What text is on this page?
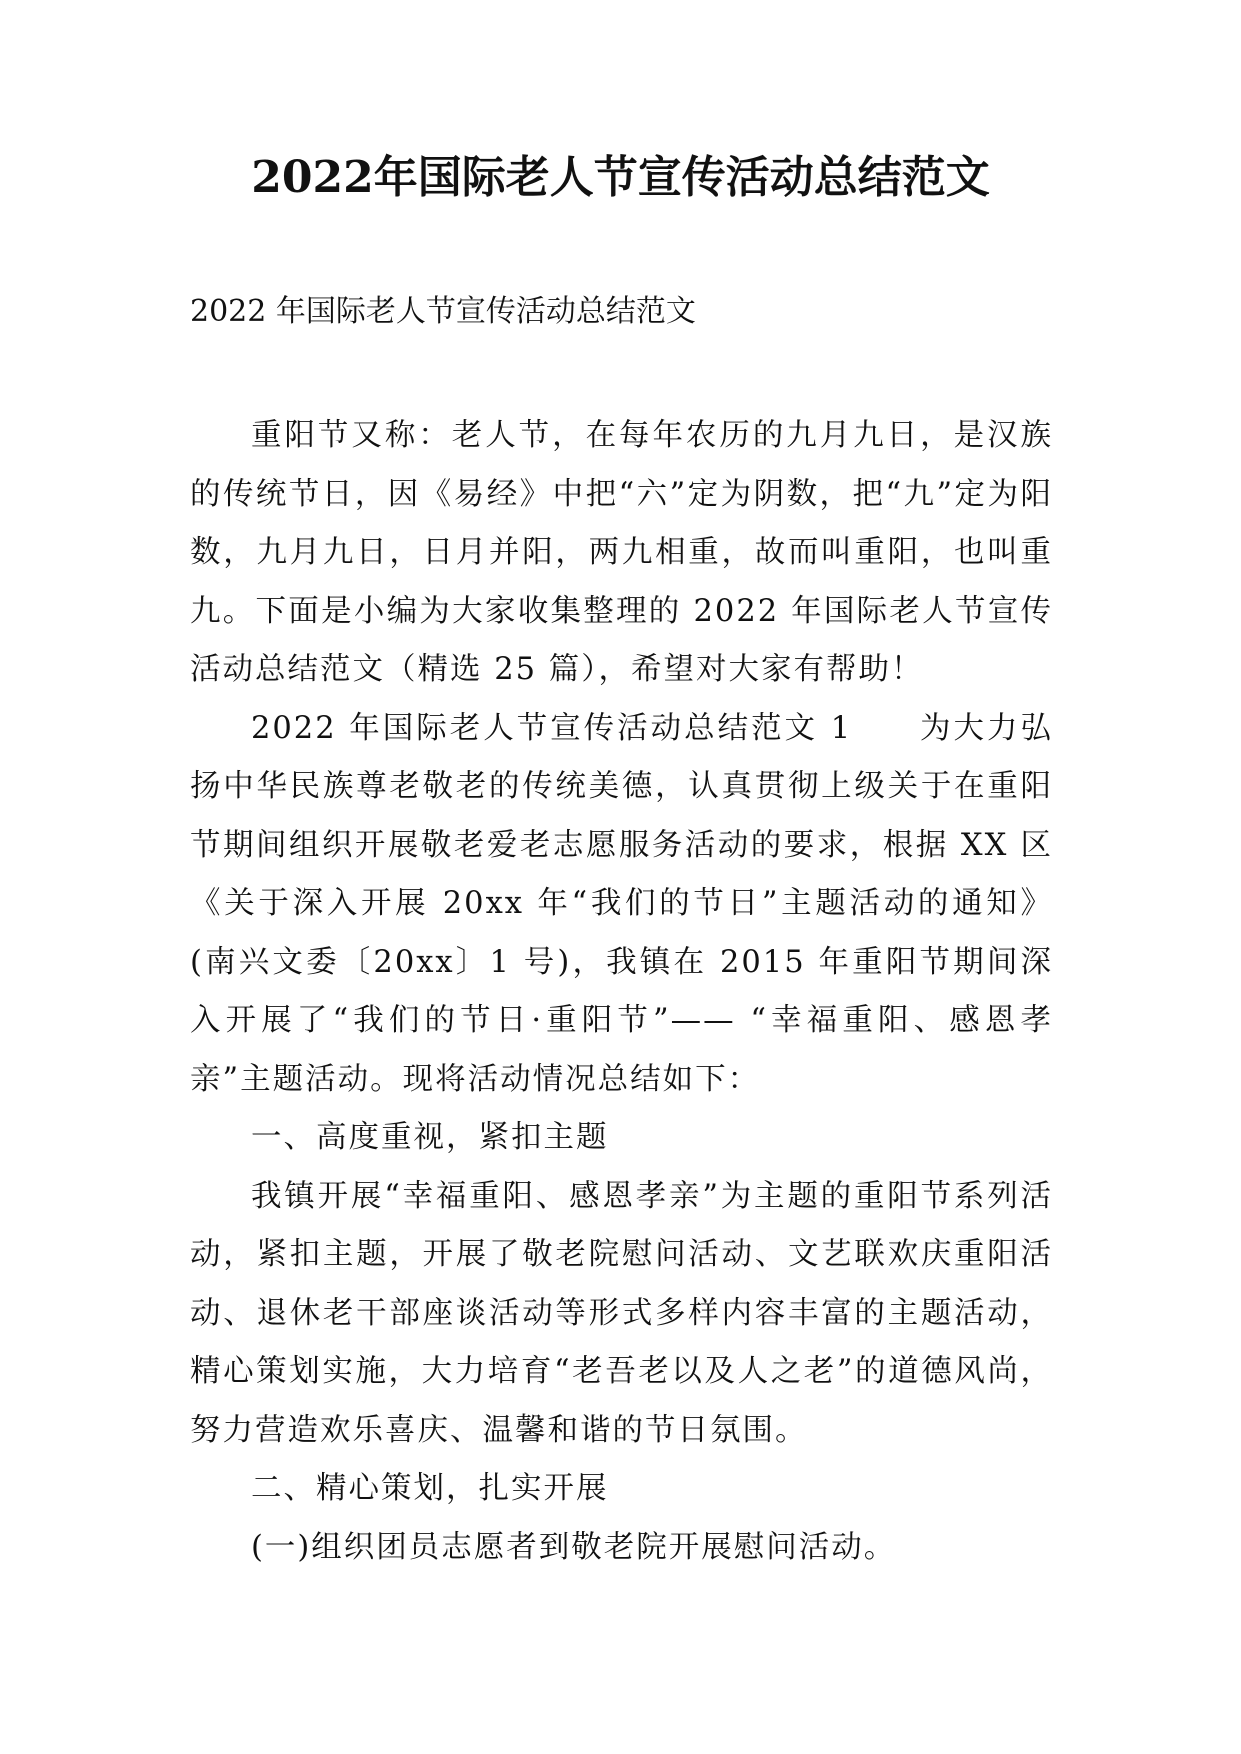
2022年国际老人节宣传活动总结范文

2022 年国际老人节宣传活动总结范文

重阳节又称：老人节，在每年农历的九月九日，是汉族的传统节日，因《易经》中把“六”定为阴数，把“九”定为阳数，九月九日，日月并阳，两九相重，故而叫重阳，也叫重九。下面是小编为大家收集整理的 2022 年国际老人节宣传活动总结范文（精选 25 篇），希望对大家有帮助！

2022 年国际老人节宣传活动总结范文 1　　为大力弘扬中华民族尊老敬老的传统美德，认真贯彻上级关于在重阳节期间组织开展敬老爱老志愿服务活动的要求，根据 XX 区《关于深入开展 20xx 年“我们的节日”主题活动的通知》(南兴文委〔20xx〕1 号)，我镇在 2015 年重阳节期间深入开展了“我们的节日·重阳节”—— “幸福重阳、感恩孝亲”主题活动。现将活动情况总结如下：

一、高度重视，紧扣主题

我镇开展“幸福重阳、感恩孝亲”为主题的重阳节系列活动，紧扣主题，开展了敬老院慰问活动、文艺联欢庆重阳活动、退休老干部座谈活动等形式多样内容丰富的主题活动，精心策划实施，大力培育“老吾老以及人之老”的道德风尚，努力营造欢乐喜庆、温馨和谐的节日氛围。

二、精心策划，扎实开展

(一)组织团员志愿者到敬老院开展慰问活动。
